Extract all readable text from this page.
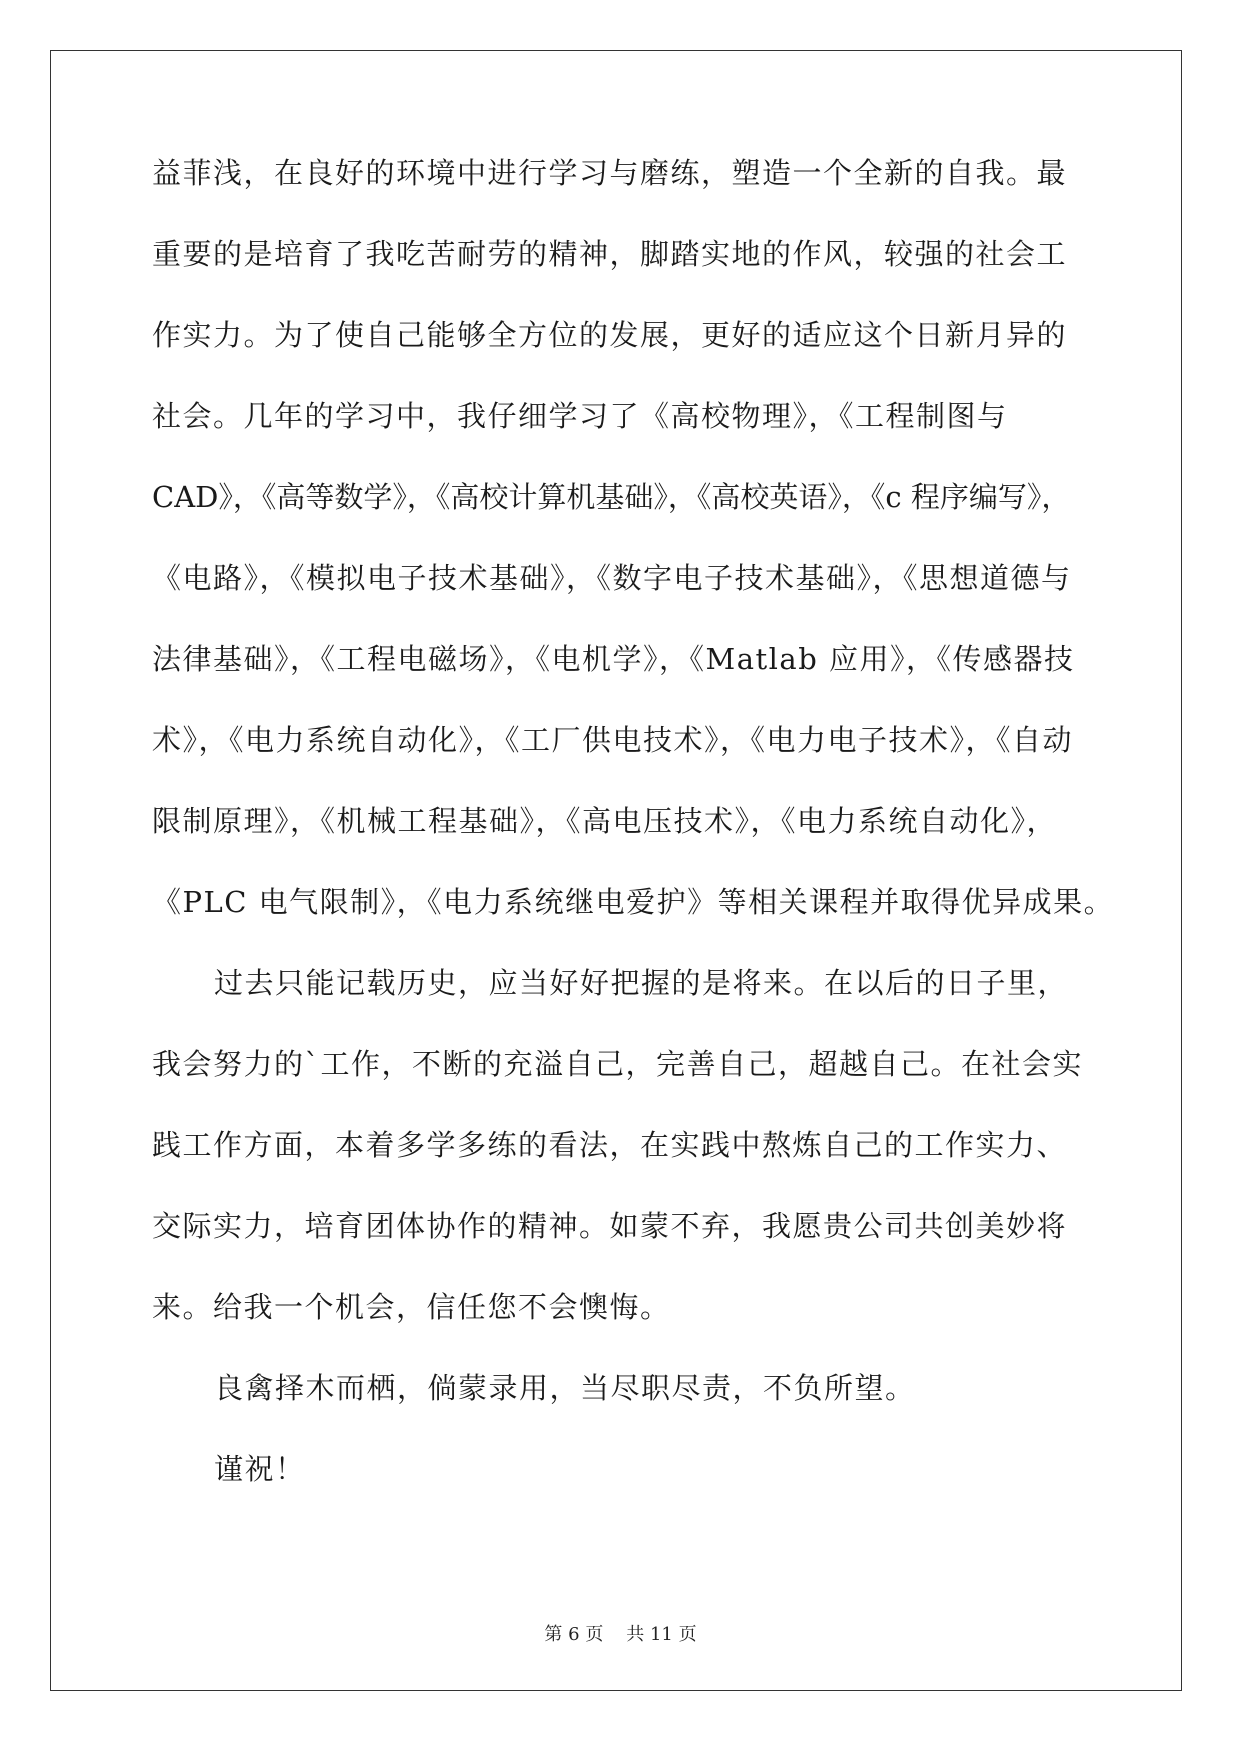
益菲浅，在良好的环境中进行学习与磨练，塑造一个全新的自我。最
重要的是培育了我吃苦耐劳的精神，脚踏实地的作风，较强的社会工
作实力。为了使自己能够全方位的发展，更好的适应这个日新月异的
社会。几年的学习中，我仔细学习了《高校物理》，《工程制图与
CAD》，《高等数学》，《高校计算机基础》，《高校英语》，《c 程序编写》，
《电路》，《模拟电子技术基础》，《数字电子技术基础》，《思想道德与
法律基础》，《工程电磁场》，《电机学》，《Matlab 应用》，《传感器技
术》，《电力系统自动化》，《工厂供电技术》，《电力电子技术》，《自动
限制原理》，《机械工程基础》，《高电压技术》，《电力系统自动化》，
《PLC 电气限制》，《电力系统继电爱护》等相关课程并取得优异成果。
过去只能记载历史，应当好好把握的是将来。在以后的日子里，
我会努力的`工作，不断的充溢自己，完善自己，超越自己。在社会实
践工作方面，本着多学多练的看法，在实践中熬炼自己的工作实力、
交际实力，培育团体协作的精神。如蒙不弃，我愿贵公司共创美妙将
来。给我一个机会，信任您不会懊悔。
良禽择木而栖，倘蒙录用，当尽职尽责，不负所望。
谨祝！
第 6 页 共 11 页
